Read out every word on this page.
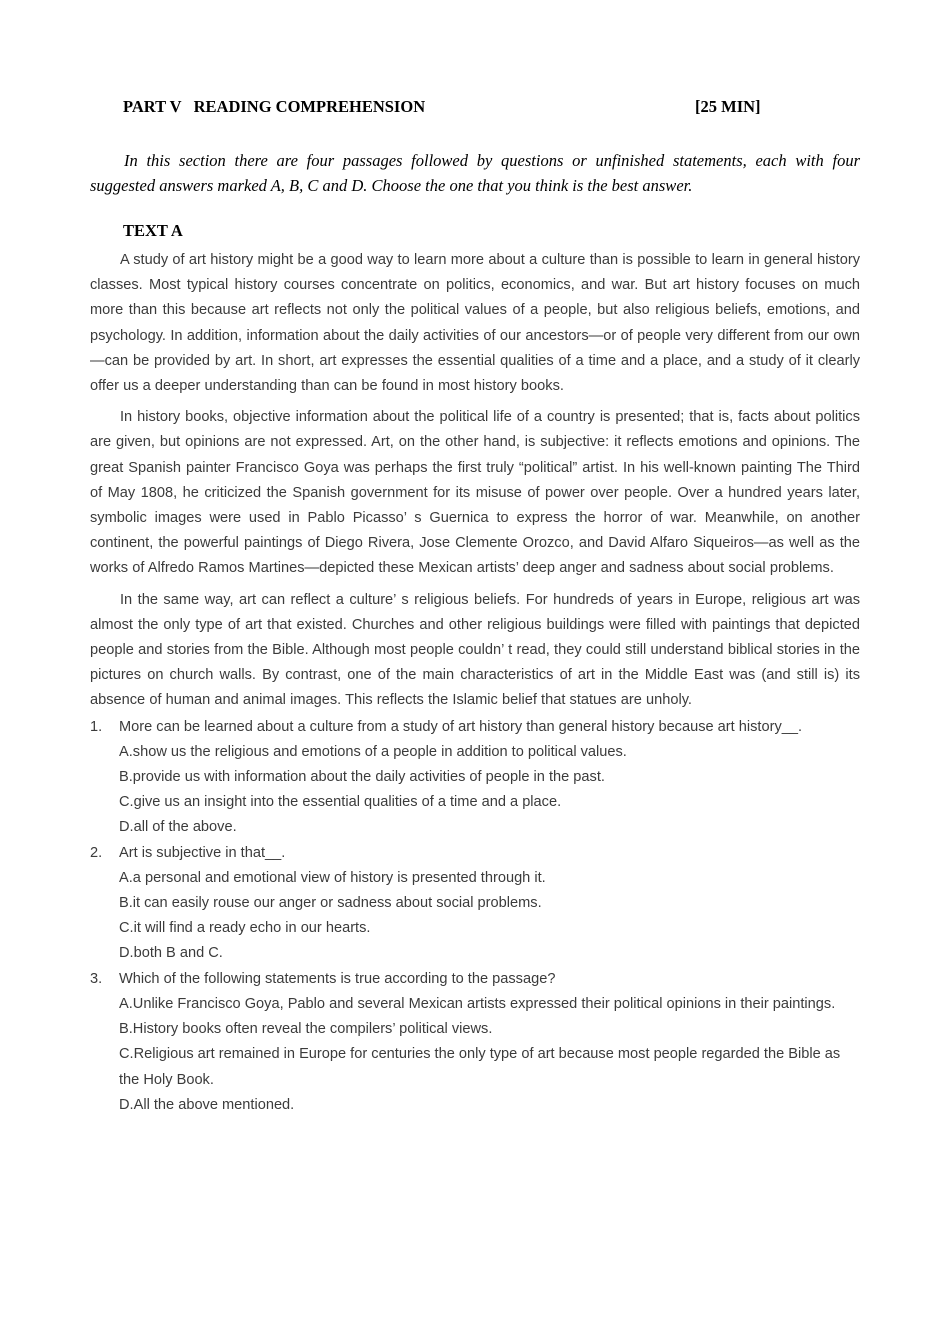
PART V   READING COMPREHENSION	[25 MIN]

In this section there are four passages followed by questions or unfinished statements, each with four suggested answers marked A, B, C and D. Choose the one that you think is the best answer.

TEXT A

A study of art history might be a good way to learn more about a culture than is possible to learn in general history classes. Most typical history courses concentrate on politics, economics, and war. But art history focuses on much more than this because art reflects not only the political values of a people, but also religious beliefs, emotions, and psychology. In addition, information about the daily activities of our ancestors—or of people very different from our own—can be provided by art. In short, art expresses the essential qualities of a time and a place, and a study of it clearly offer us a deeper understanding than can be found in most history books.

In history books, objective information about the political life of a country is presented; that is, facts about politics are given, but opinions are not expressed. Art, on the other hand, is subjective: it reflects emotions and opinions. The great Spanish painter Francisco Goya was perhaps the first truly “political” artist. In his well-known painting The Third of May 1808, he criticized the Spanish government for its misuse of power over people. Over a hundred years later, symbolic images were used in Pablo Picasso’ s Guernica to express the horror of war. Meanwhile, on another continent, the powerful paintings of Diego Rivera, Jose Clemente Orozco, and David Alfaro Siqueiros—as well as the works of Alfredo Ramos Martines—depicted these Mexican artists’ deep anger and sadness about social problems.

In the same way, art can reflect a culture’ s religious beliefs. For hundreds of years in Europe, religious art was almost the only type of art that existed. Churches and other religious buildings were filled with paintings that depicted people and stories from the Bible. Although most people couldn’ t read, they could still understand biblical stories in the pictures on church walls. By contrast, one of the main characteristics of art in the Middle East was (and still is) its absence of human and animal images. This reflects the Islamic belief that statues are unholy.

1.	More can be learned about a culture from a study of art history than general history because art history__.
A.show us the religious and emotions of a people in addition to political values.
B.provide us with information about the daily activities of people in the past.
C.give us an insight into the essential qualities of a time and a place.
D.all of the above.
2.	Art is subjective in that__.
A.a personal and emotional view of history is presented through it.
B.it can easily rouse our anger or sadness about social problems.
C.it will find a ready echo in our hearts.
D.both B and C.
3.	Which of the following statements is true according to the passage?
A.Unlike Francisco Goya, Pablo and several Mexican artists expressed their political opinions in their paintings.
B.History books often reveal the compilers’ political views.
C.Religious art remained in Europe for centuries the only type of art because most people regarded the Bible as the Holy Book.
D.All the above mentioned.
